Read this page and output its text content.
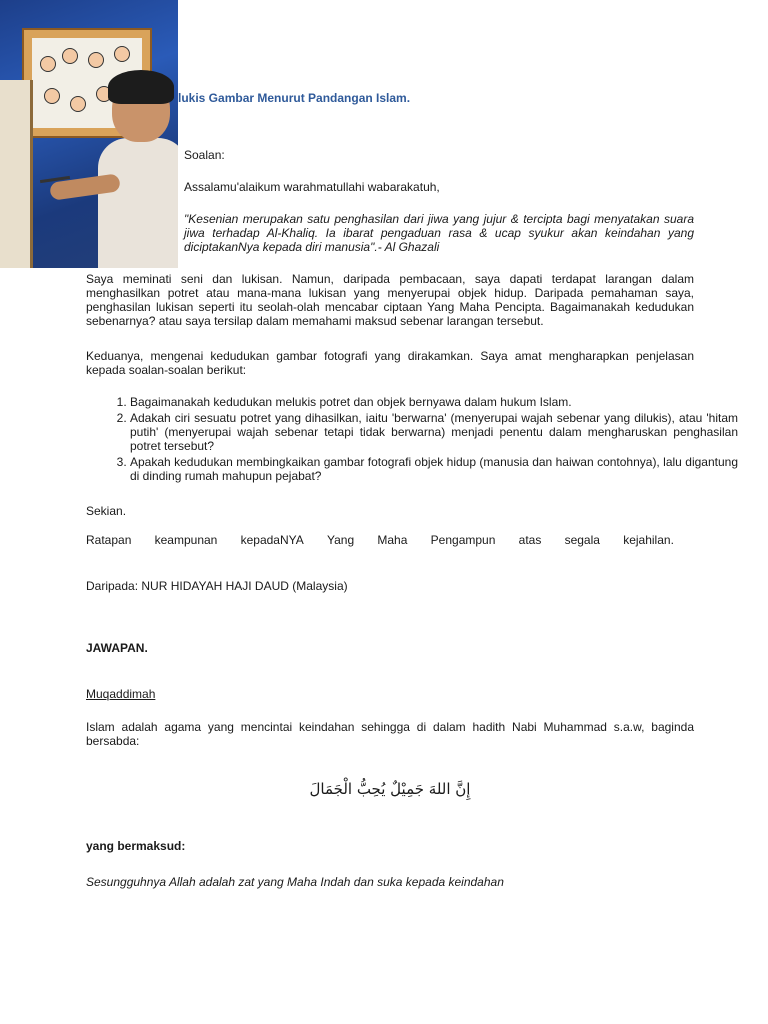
lukis Gambar Menurut Pandangan Islam.

Soalan:

Assalamu'alaikum warahmatullahi wabarakatuh,

"Kesenian merupakan satu penghasilan dari jiwa yang jujur & tercipta bagi menyatakan suara jiwa terhadap Al-Khaliq. Ia ibarat pengaduan rasa & ucap syukur akan keindahan yang diciptakanNya kepada diri manusia".- Al Ghazali

Saya meminati seni dan lukisan. Namun, daripada pembacaan, saya dapati terdapat larangan dalam menghasilkan potret atau mana-mana lukisan yang menyerupai objek hidup. Daripada pemahaman saya, penghasilan lukisan seperti itu seolah-olah mencabar ciptaan Yang Maha Pencipta. Bagaimanakah kedudukan sebenarnya? atau saya tersilap dalam memahami maksud sebenar larangan tersebut.

Keduanya, mengenai kedudukan gambar fotografi yang dirakamkan. Saya amat mengharapkan penjelasan kepada soalan-soalan berikut:

1. Bagaimanakah kedudukan melukis potret dan objek bernyawa dalam hukum Islam.
2. Adakah ciri sesuatu potret yang dihasilkan, iaitu 'berwarna' (menyerupai wajah sebenar yang dilukis), atau 'hitam putih' (menyerupai wajah sebenar tetapi tidak berwarna) menjadi penentu dalam mengharuskan penghasilan potret tersebut?
3. Apakah kedudukan membingkaikan gambar fotografi objek hidup (manusia dan haiwan contohnya), lalu digantung di dinding rumah mahupun pejabat?

Sekian.

Ratapan keampunan kepadaNYA Yang Maha Pengampun atas segala kejahilan.

Daripada: NUR HIDAYAH HAJI DAUD (Malaysia)

JAWAPAN.

Muqaddimah

Islam adalah agama yang mencintai keindahan sehingga di dalam hadith Nabi Muhammad s.a.w, baginda bersabda:

إِنَّ اللهَ جَمِيْلٌ يُحِبُّ الْجَمَالَ

yang bermaksud:

Sesungguhnya Allah adalah zat yang Maha Indah dan suka kepada keindahan
